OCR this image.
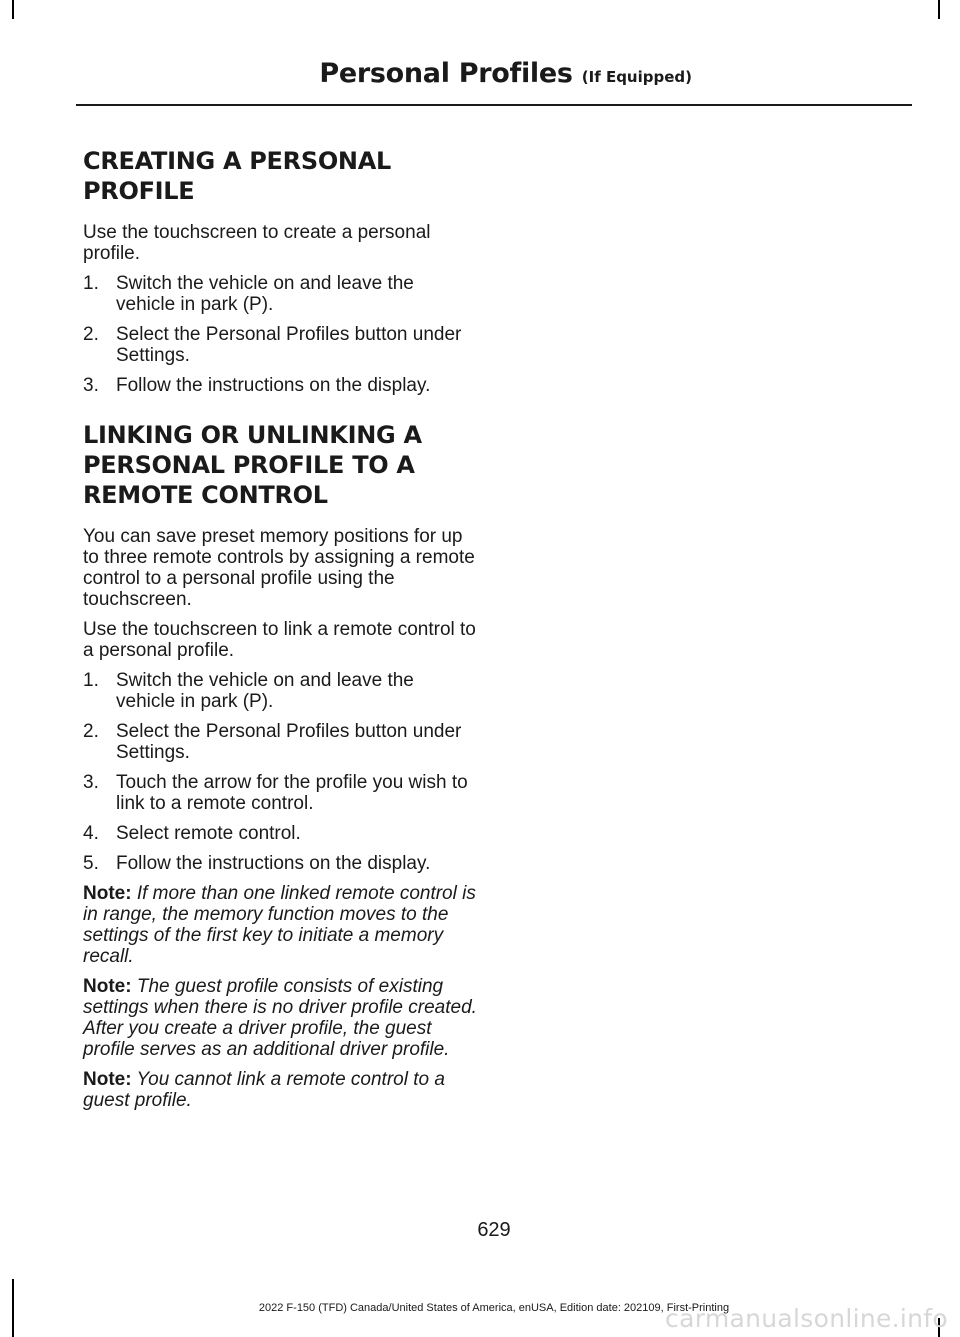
Personal Profiles (If Equipped)
CREATING A PERSONAL
PROFILE

Use the touchscreen to create a personal profile.

1. Switch the vehicle on and leave the vehicle in park (P).
2. Select the Personal Profiles button under Settings.
3. Follow the instructions on the display.
LINKING OR UNLINKING A
PERSONAL PROFILE TO A
REMOTE CONTROL

You can save preset memory positions for up to three remote controls by assigning a remote control to a personal profile using the touchscreen.

Use the touchscreen to link a remote control to a personal profile.

1. Switch the vehicle on and leave the vehicle in park (P).
2. Select the Personal Profiles button under Settings.
3. Touch the arrow for the profile you wish to link to a remote control.
4. Select remote control.
5. Follow the instructions on the display.

Note: If more than one linked remote control is in range, the memory function moves to the settings of the first key to initiate a memory recall.

Note: The guest profile consists of existing settings when there is no driver profile created. After you create a driver profile, the guest profile serves as an additional driver profile.

Note: You cannot link a remote control to a guest profile.

629
2022 F-150 (TFD) Canada/United States of America, enUSA, Edition date: 202109, First-Printing
carmanualsonline.info
